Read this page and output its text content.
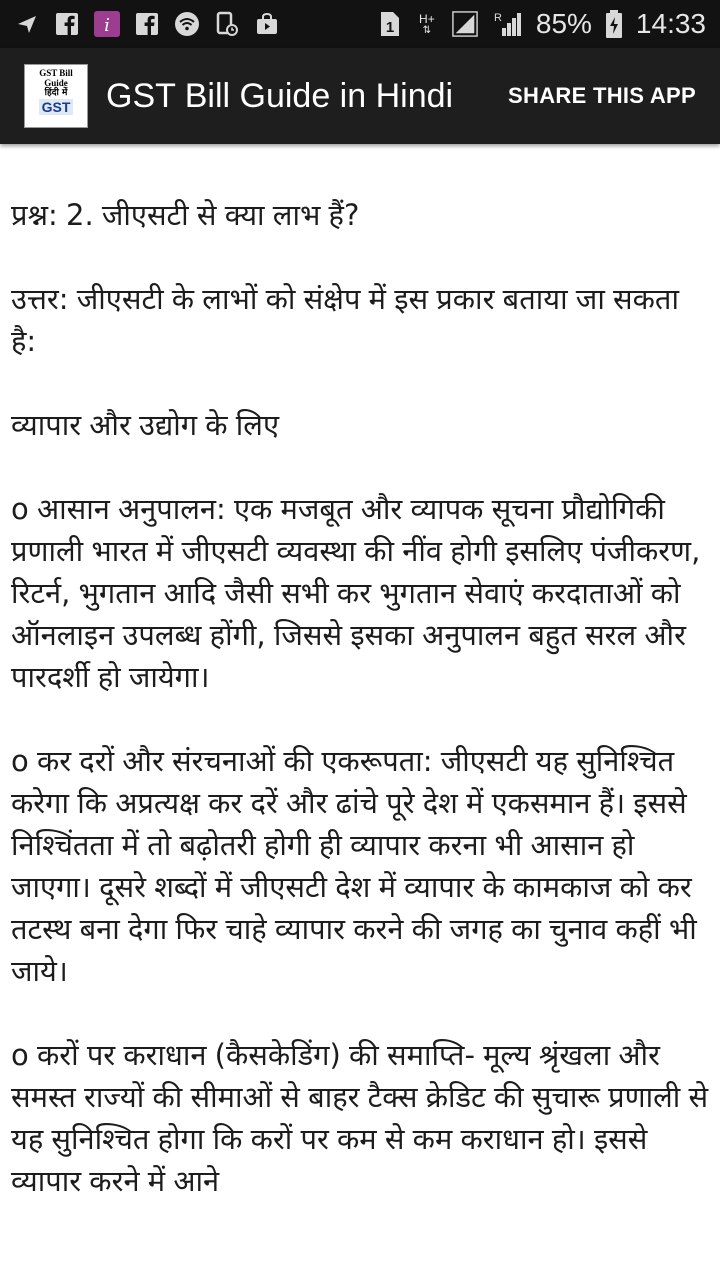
i	1 H+
⇅
R 85% 14:33
GST Bill
Guide
हिंदी में
GST GST Bill Guide in Hindi SHARE THIS APP

प्रश्न: 2. जीएसटी से क्या लाभ हैं?

उत्तर: जीएसटी के लाभों को संक्षेप में इस प्रकार बताया जा सकता है:

व्यापार और उद्योग के लिए

o आसान अनुपालन: एक मजबूत और व्यापक सूचना प्रौद्योगिकी प्रणाली भारत में जीएसटी व्यवस्था की नींव होगी इसलिए पंजीकरण, रिटर्न, भुगतान आदि जैसी सभी कर भुगतान सेवाएं करदाताओं को ऑनलाइन उपलब्ध होंगी, जिससे इसका अनुपालन बहुत सरल और पारदर्शी हो जायेगा।

o कर दरों और संरचनाओं की एकरूपता: जीएसटी यह सुनिश्चित करेगा कि अप्रत्यक्ष कर दरें और ढांचे पूरे देश में एकसमान हैं। इससे निश्चिंतता में तो बढ़ोतरी होगी ही व्यापार करना भी आसान हो जाएगा। दूसरे शब्दों में जीएसटी देश में व्यापार के कामकाज को कर तटस्थ बना देगा फिर चाहे व्यापार करने की जगह का चुनाव कहीं भी जाये।

o करों पर कराधान (कैसकेडिंग) की समाप्ति- मूल्य श्रृंखला और समस्त राज्यों की सीमाओं से बाहर टैक्स क्रेडिट की सुचारू प्रणाली से यह सुनिश्चित होगा कि करों पर कम से कम कराधान हो। इससे व्यापार करने में आने
